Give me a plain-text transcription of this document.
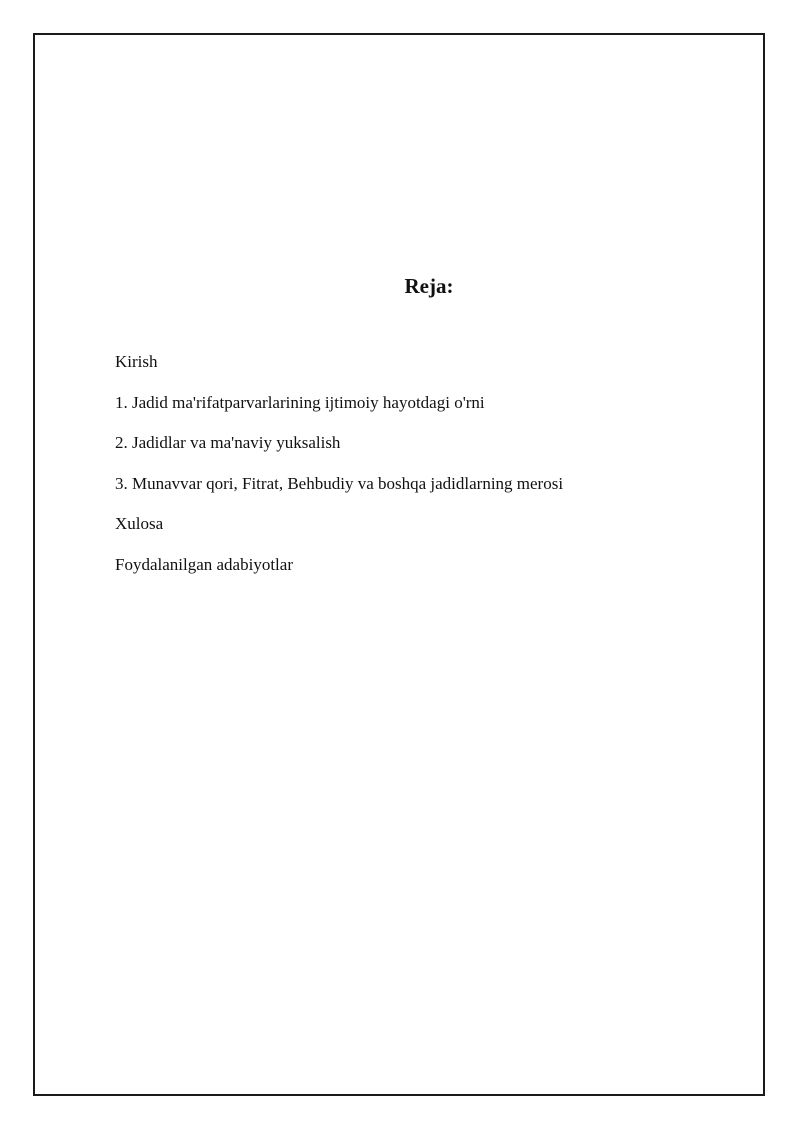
Reja:
Kirish
1. Jadid ma'rifatparvarlarining ijtimoiy hayotdagi o'rni
2. Jadidlar va ma'naviy yuksalish
3. Munavvar qori, Fitrat, Behbudiy va boshqa jadidlarning merosi
Xulosa
Foydalanilgan adabiyotlar
